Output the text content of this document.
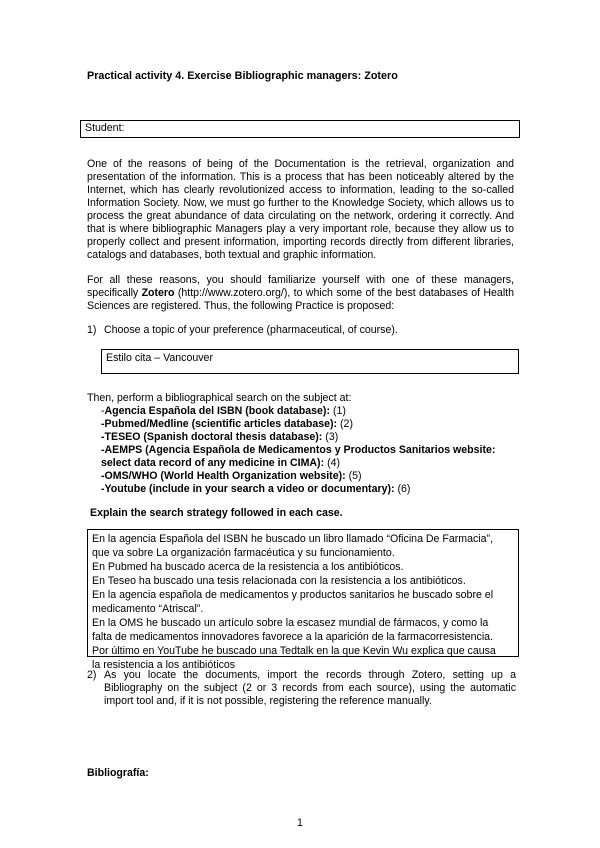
Practical activity 4. Exercise Bibliographic managers: Zotero
Student:
One of the reasons of being of the Documentation is the retrieval, organization and presentation of the information. This is a process that has been noticeably altered by the Internet, which has clearly revolutionized access to information, leading to the so-called Information Society. Now, we must go further to the Knowledge Society, which allows us to process the great abundance of data circulating on the network, ordering it correctly. And that is where bibliographic Managers play a very important role, because they allow us to properly collect and present information, importing records directly from different libraries, catalogs and databases, both textual and graphic information.
For all these reasons, you should familiarize yourself with one of these managers, specifically Zotero (http://www.zotero.org/), to which some of the best databases of Health Sciences are registered. Thus, the following Practice is proposed:
1) Choose a topic of your preference (pharmaceutical, of course).
Estilo cita – Vancouver
Then, perform a bibliographical search on the subject at:
-Agencia Española del ISBN (book database): (1)
-Pubmed/Medline (scientific articles database): (2)
-TESEO (Spanish doctoral thesis database): (3)
-AEMPS (Agencia Española de Medicamentos y Productos Sanitarios website: select data record of any medicine in CIMA): (4)
-OMS/WHO (World Health Organization website): (5)
-Youtube (include in your search a video or documentary): (6)
Explain the search strategy followed in each case.
En la agencia Española del ISBN he buscado un libro llamado “Oficina De Farmacia”,
que va sobre La organización farmacéutica y su funcionamiento.
En Pubmed ha buscado acerca de la resistencia a los antibióticos.
En Teseo ha buscado una tesis relacionada con la resistencia a los antibióticos.
En la agencia española de medicamentos y productos sanitarios he buscado sobre el
medicamento “Atriscal”.
En la OMS he buscado un artículo sobre la escasez mundial de fármacos, y como la
falta de medicamentos innovadores favorece a la aparición de la farmacorresistencia.
Por último en YouTube he buscado una Tedtalk en la que Kevin Wu explica que causa
la resistencia a los antibióticos
2) As you locate the documents, import the records through Zotero, setting up a Bibliography on the subject (2 or 3 records from each source), using the automatic import tool and, if it is not possible, registering the reference manually.
Bibliografía:
1
